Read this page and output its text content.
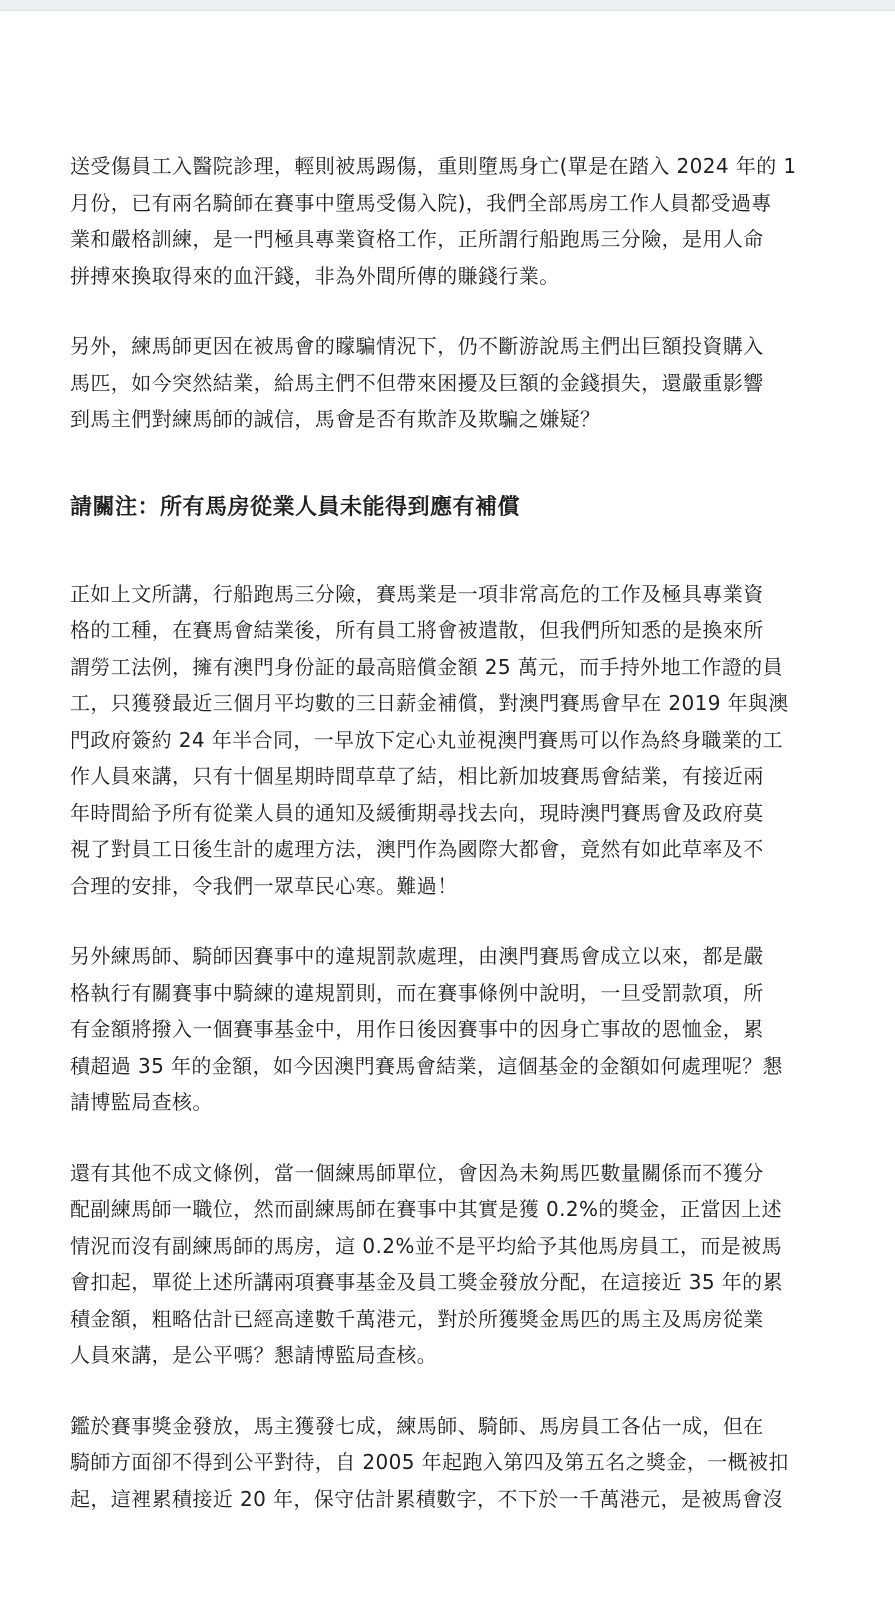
送受傷員工入醫院診理，輕則被馬踢傷，重則墮馬身亡(單是在踏入 2024 年的 1
月份，已有兩名騎師在賽事中墮馬受傷入院)，我們全部馬房工作人員都受過專
業和嚴格訓練，是一門極具專業資格工作，正所謂行船跑馬三分險，是用人命
拼搏來換取得來的血汗錢，非為外間所傳的賺錢行業。

另外，練馬師更因在被馬會的矇騙情況下，仍不斷游說馬主們出巨額投資購入
馬匹，如今突然結業，給馬主們不但帶來困擾及巨額的金錢損失，還嚴重影響
到馬主們對練馬師的誠信，馬會是否有欺詐及欺騙之嫌疑？

請關注：所有馬房從業人員未能得到應有補償

正如上文所講，行船跑馬三分險，賽馬業是一項非常高危的工作及極具專業資
格的工種，在賽馬會結業後，所有員工將會被遣散，但我們所知悉的是換來所
謂勞工法例，擁有澳門身份証的最高賠償金額 25 萬元，而手持外地工作證的員
工，只獲發最近三個月平均數的三日薪金補償，對澳門賽馬會早在 2019 年與澳
門政府簽約 24 年半合同，一早放下定心丸並視澳門賽馬可以作為終身職業的工
作人員來講，只有十個星期時間草草了結，相比新加坡賽馬會結業，有接近兩
年時間給予所有從業人員的通知及緩衝期尋找去向，現時澳門賽馬會及政府莫
視了對員工日後生計的處理方法，澳門作為國際大都會，竟然有如此草率及不
合理的安排，令我們一眾草民心寒。難過！

另外練馬師、騎師因賽事中的違規罰款處理，由澳門賽馬會成立以來，都是嚴
格執行有關賽事中騎練的違規罰則，而在賽事條例中說明，一旦受罰款項，所
有金額將撥入一個賽事基金中，用作日後因賽事中的因身亡事故的恩恤金，累
積超過 35 年的金額，如今因澳門賽馬會結業，這個基金的金額如何處理呢？懇
請博監局查核。

還有其他不成文條例，當一個練馬師單位，會因為未夠馬匹數量關係而不獲分
配副練馬師一職位，然而副練馬師在賽事中其實是獲 0.2%的獎金，正當因上述
情況而沒有副練馬師的馬房，這 0.2%並不是平均給予其他馬房員工，而是被馬
會扣起，單從上述所講兩項賽事基金及員工獎金發放分配，在這接近 35 年的累
積金額，粗略估計已經高達數千萬港元，對於所獲獎金馬匹的馬主及馬房從業
人員來講，是公平嗎？懇請博監局查核。

鑑於賽事獎金發放，馬主獲發七成，練馬師、騎師、馬房員工各佔一成，但在
騎師方面卻不得到公平對待，自 2005 年起跑入第四及第五名之獎金，一概被扣
起，這裡累積接近 20 年，保守估計累積數字，不下於一千萬港元，是被馬會沒
